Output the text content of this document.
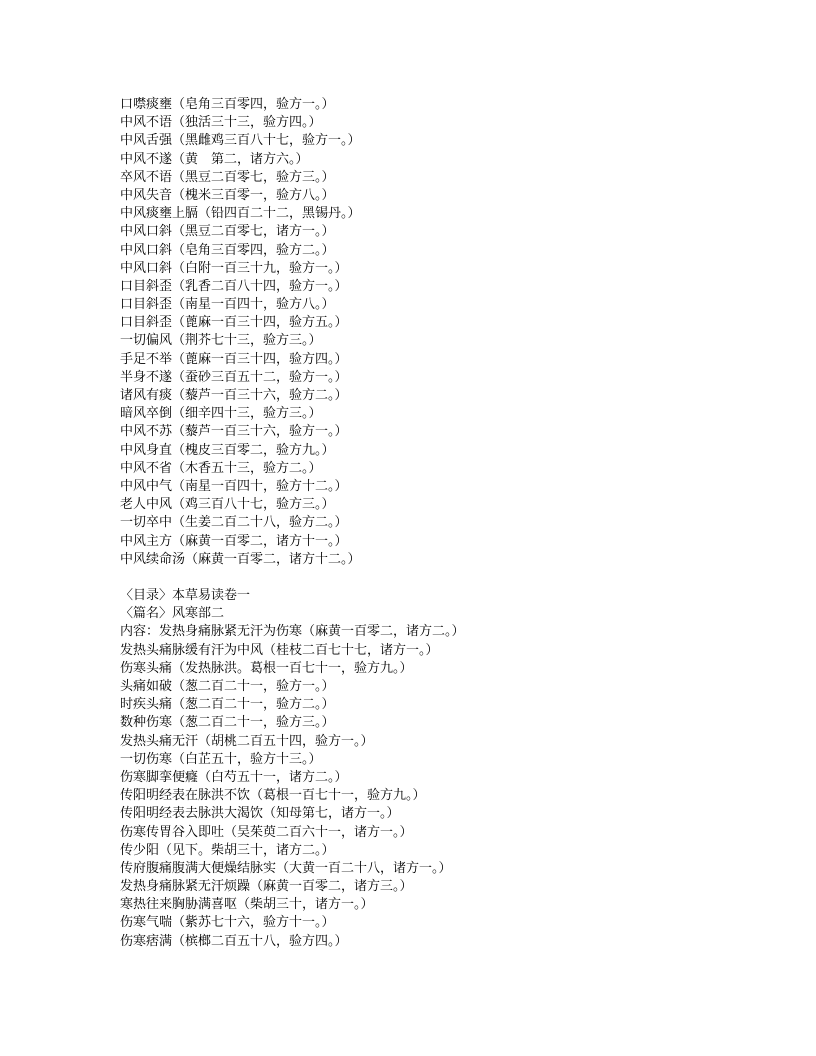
口噤痰壅（皂角三百零四，验方一。）
中风不语（独活三十三，验方四。）
中风舌强（黑雌鸡三百八十七，验方一。）
中风不遂（黄　第二，诸方六。）
卒风不语（黑豆二百零七，验方三。）
中风失音（槐米三百零一，验方八。）
中风痰壅上膈（铅四百二十二，黑锡丹。）
中风口斜（黑豆二百零七，诸方一。）
中风口斜（皂角三百零四，验方二。）
中风口斜（白附一百三十九，验方一。）
口目斜歪（乳香二百八十四，验方一。）
口目斜歪（南星一百四十，验方八。）
口目斜歪（蓖麻一百三十四，验方五。）
一切偏风（荆芥七十三，验方三。）
手足不举（蓖麻一百三十四，验方四。）
半身不遂（蚕砂三百五十二，验方一。）
诸风有痰（藜芦一百三十六，验方二。）
暗风卒倒（细辛四十三，验方三。）
中风不苏（藜芦一百三十六，验方一。）
中风身直（槐皮三百零二，验方九。）
中风不省（木香五十三，验方二。）
中风中气（南星一百四十，验方十二。）
老人中风（鸡三百八十七，验方三。）
一切卒中（生姜二百二十八，验方二。）
中风主方（麻黄一百零二，诸方十一。）
中风续命汤（麻黄一百零二，诸方十二。）
〈目录〉本草易读卷一
〈篇名〉风寒部二
内容：发热身痛脉紧无汗为伤寒（麻黄一百零二，诸方二。）
发热头痛脉缓有汗为中风（桂枝二百七十七，诸方一。）
伤寒头痛（发热脉洪。葛根一百七十一，验方九。）
头痛如破（葱二百二十一，验方一。）
时疾头痛（葱二百二十一，验方二。）
数种伤寒（葱二百二十一，验方三。）
发热头痛无汗（胡桃二百五十四，验方一。）
一切伤寒（白芷五十，验方十三。）
伤寒脚挛便癃（白芍五十一，诸方二。）
传阳明经表在脉洪不饮（葛根一百七十一，验方九。）
传阳明经表去脉洪大渴饮（知母第七，诸方一。）
伤寒传胃谷入即吐（吴茱萸二百六十一，诸方一。）
传少阳（见下。柴胡三十，诸方二。）
传府腹痛腹满大便燥结脉实（大黄一百二十八，诸方一。）
发热身痛脉紧无汗烦躁（麻黄一百零二，诸方三。）
寒热往来胸胁满喜呕（柴胡三十，诸方一。）
伤寒气喘（紫苏七十六，验方十一。）
伤寒痞满（槟榔二百五十八，验方四。）
